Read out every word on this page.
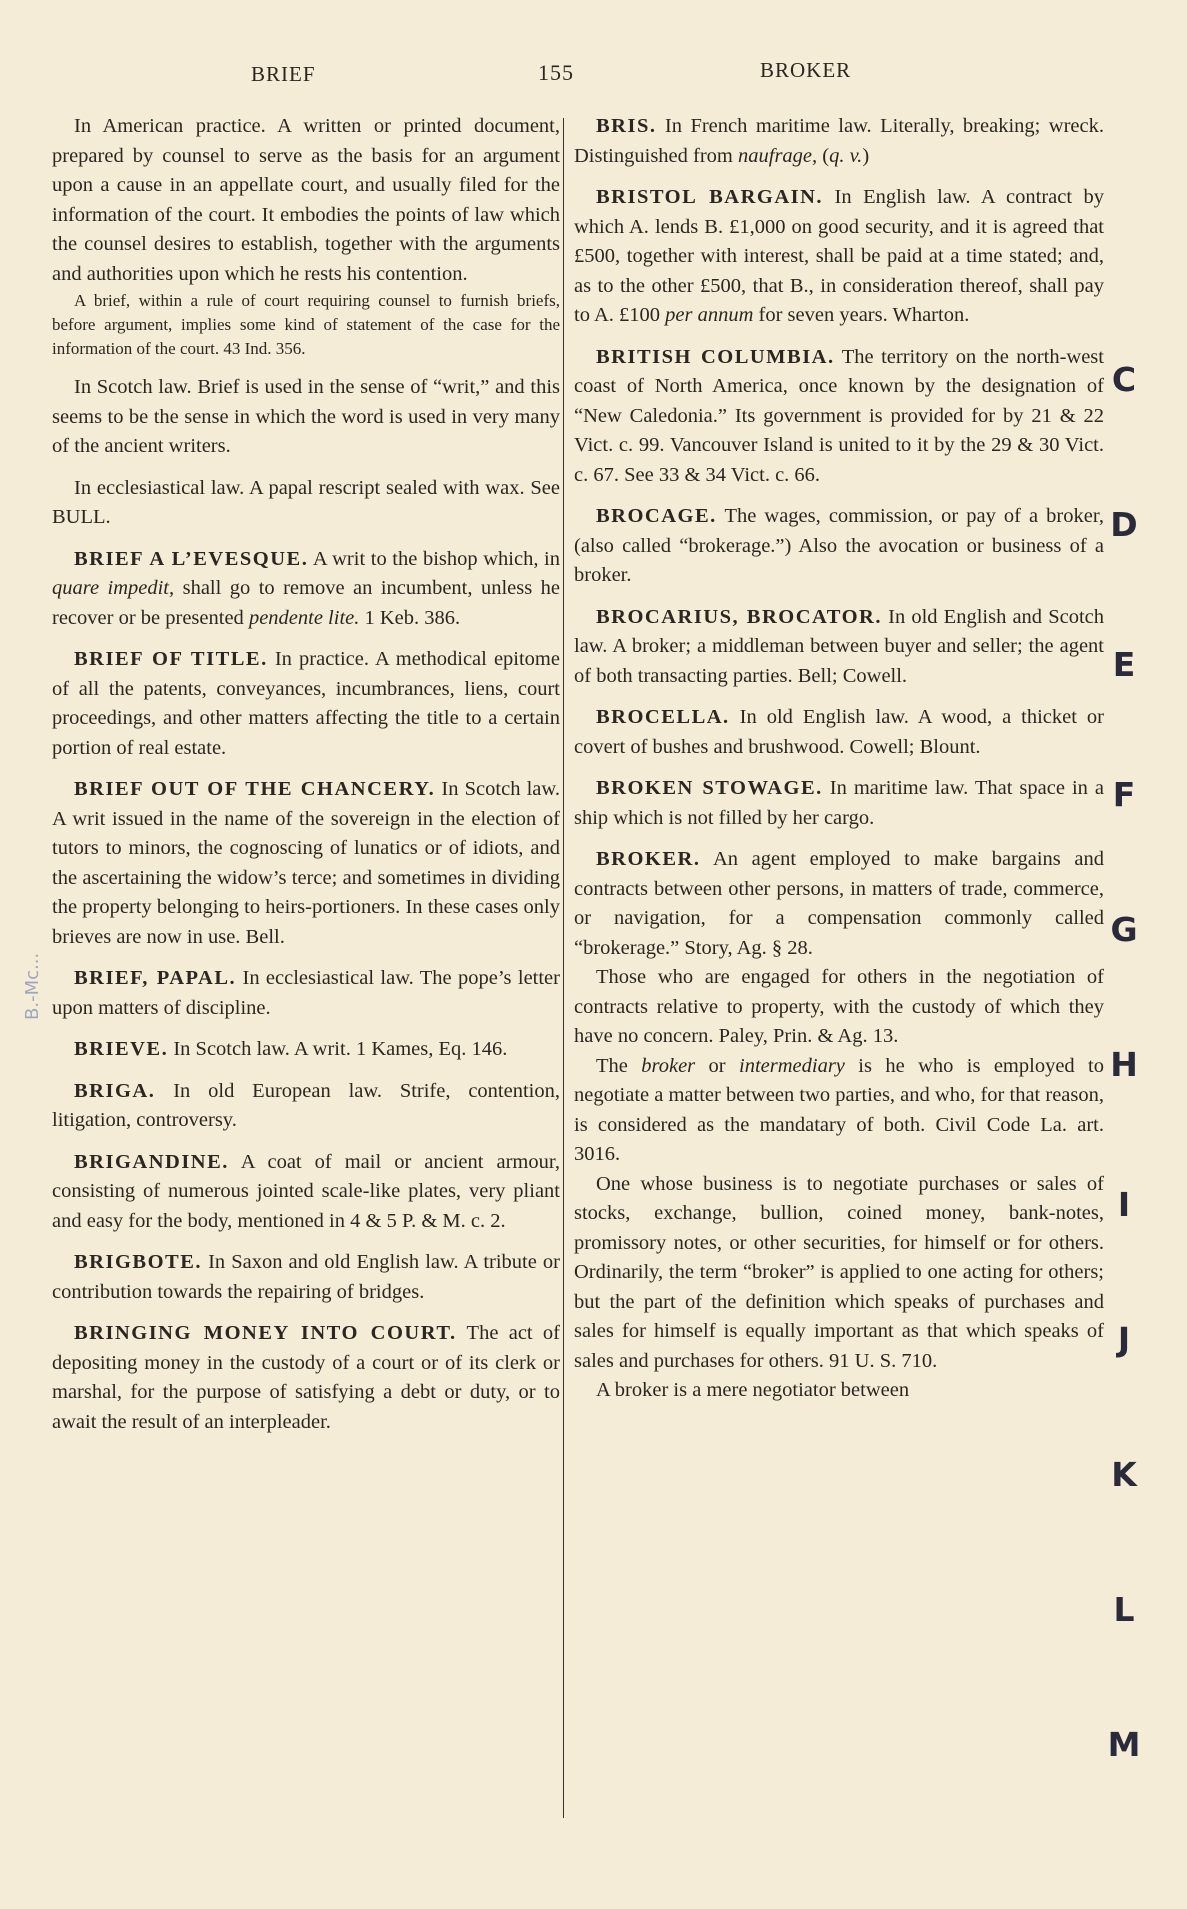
BRIEF	155	BROKER
B.-Mc...

In American practice. A written or printed document, prepared by counsel to serve as the basis for an argument upon a cause in an appellate court, and usually filed for the information of the court. It embodies the points of law which the counsel desires to establish, together with the arguments and authorities upon which he rests his contention.

A brief, within a rule of court requiring counsel to furnish briefs, before argument, implies some kind of statement of the case for the information of the court. 43 Ind. 356.

In Scotch law. Brief is used in the sense of “writ,” and this seems to be the sense in which the word is used in very many of the ancient writers.

In ecclesiastical law. A papal rescript sealed with wax. See BULL.

BRIEF A L’EVESQUE. A writ to the bishop which, in quare impedit, shall go to remove an incumbent, unless he recover or be presented pendente lite. 1 Keb. 386.

BRIEF OF TITLE. In practice. A methodical epitome of all the patents, conveyances, incumbrances, liens, court proceedings, and other matters affecting the title to a certain portion of real estate.

BRIEF OUT OF THE CHANCERY. In Scotch law. A writ issued in the name of the sovereign in the election of tutors to minors, the cognoscing of lunatics or of idiots, and the ascertaining the widow’s terce; and sometimes in dividing the property belonging to heirs-portioners. In these cases only brieves are now in use. Bell.

BRIEF, PAPAL. In ecclesiastical law. The pope’s letter upon matters of discipline.

BRIEVE. In Scotch law. A writ. 1 Kames, Eq. 146.

BRIGA. In old European law. Strife, contention, litigation, controversy.

BRIGANDINE. A coat of mail or ancient armour, consisting of numerous jointed scale-like plates, very pliant and easy for the body, mentioned in 4 & 5 P. & M. c. 2.

BRIGBOTE. In Saxon and old English law. A tribute or contribution towards the repairing of bridges.

BRINGING MONEY INTO COURT. The act of depositing money in the custody of a court or of its clerk or marshal, for the purpose of satisfying a debt or duty, or to await the result of an interpleader.

BRIS. In French maritime law. Literally, breaking; wreck. Distinguished from naufrage, (q. v.)

BRISTOL BARGAIN. In English law. A contract by which A. lends B. £1,000 on good security, and it is agreed that £500, together with interest, shall be paid at a time stated; and, as to the other £500, that B., in consideration thereof, shall pay to A. £100 per annum for seven years. Wharton.

BRITISH COLUMBIA. The territory on the north-west coast of North America, once known by the designation of “New Caledonia.” Its government is provided for by 21 & 22 Vict. c. 99. Vancouver Island is united to it by the 29 & 30 Vict. c. 67. See 33 & 34 Vict. c. 66.

BROCAGE. The wages, commission, or pay of a broker, (also called “brokerage.”) Also the avocation or business of a broker.

BROCARIUS, BROCATOR. In old English and Scotch law. A broker; a middleman between buyer and seller; the agent of both transacting parties. Bell; Cowell.

BROCELLA. In old English law. A wood, a thicket or covert of bushes and brushwood. Cowell; Blount.

BROKEN STOWAGE. In maritime law. That space in a ship which is not filled by her cargo.

BROKER. An agent employed to make bargains and contracts between other persons, in matters of trade, commerce, or navigation, for a compensation commonly called “brokerage.” Story, Ag. § 28.

Those who are engaged for others in the negotiation of contracts relative to property, with the custody of which they have no concern. Paley, Prin. & Ag. 13.

The broker or intermediary is he who is employed to negotiate a matter between two parties, and who, for that reason, is considered as the mandatary of both. Civil Code La. art. 3016.

One whose business is to negotiate purchases or sales of stocks, exchange, bullion, coined money, bank-notes, promissory notes, or other securities, for himself or for others. Ordinarily, the term “broker” is applied to one acting for others; but the part of the definition which speaks of purchases and sales for himself is equally important as that which speaks of sales and purchases for others. 91 U. S. 710.

A broker is a mere negotiator between

C
D
E
F
G
H
I
J
K
L
M
